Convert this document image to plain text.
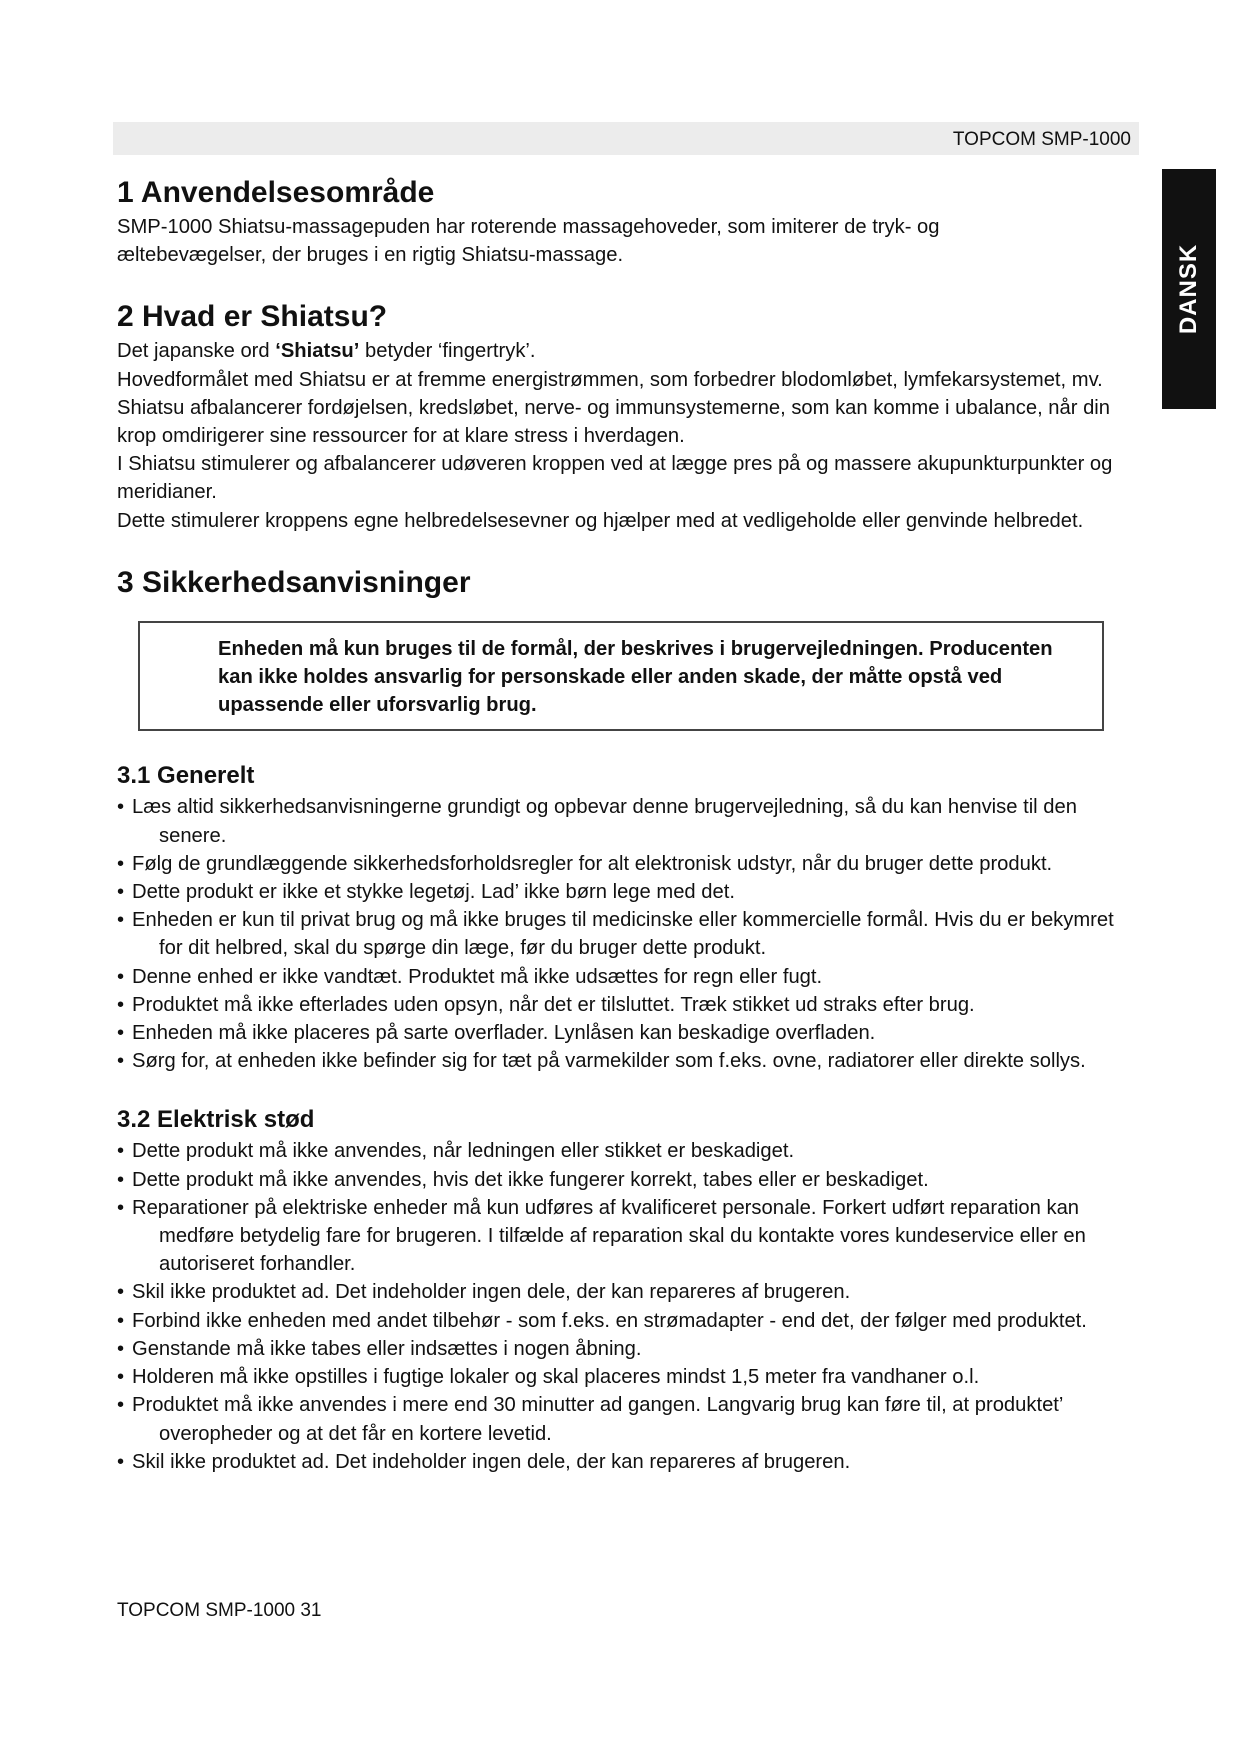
TOPCOM SMP-1000
DANSK
1 Anvendelsesområde

SMP-1000 Shiatsu-massagepuden har roterende massagehoveder, som imiterer de tryk- og
æltebevægelser, der bruges i en rigtig Shiatsu-massage.

2 Hvad er Shiatsu?

Det japanske ord ‘Shiatsu’ betyder ‘fingertryk’.

Hovedformålet med Shiatsu er at fremme energistrømmen, som forbedrer blodomløbet, lymfekarsystemet, mv. Shiatsu afbalancerer fordøjelsen, kredsløbet, nerve- og immunsystemerne, som kan komme i ubalance, når din krop omdirigerer sine ressourcer for at klare stress i hverdagen.

I Shiatsu stimulerer og afbalancerer udøveren kroppen ved at lægge pres på og massere akupunkturpunkter og meridianer.

Dette stimulerer kroppens egne helbredelsesevner og hjælper med at vedligeholde eller genvinde helbredet.

3 Sikkerhedsanvisninger
Enheden må kun bruges til de formål, der beskrives i brugervejledningen. Producenten kan ikke holdes ansvarlig for personskade eller anden skade, der måtte opstå ved upassende eller uforsvarlig brug.
3.1 Generelt
• Læs altid sikkerhedsanvisningerne grundigt og opbevar denne brugervejledning, så du kan henvise til den senere.
• Følg de grundlæggende sikkerhedsforholdsregler for alt elektronisk udstyr, når du bruger dette produkt.
• Dette produkt er ikke et stykke legetøj. Lad’ ikke børn lege med det.
• Enheden er kun til privat brug og må ikke bruges til medicinske eller kommercielle formål. Hvis du er bekymret for dit helbred, skal du spørge din læge, før du bruger dette produkt.
• Denne enhed er ikke vandtæt. Produktet må ikke udsættes for regn eller fugt.
• Produktet må ikke efterlades uden opsyn, når det er tilsluttet. Træk stikket ud straks efter brug.
• Enheden må ikke placeres på sarte overflader. Lynlåsen kan beskadige overfladen.
• Sørg for, at enheden ikke befinder sig for tæt på varmekilder som f.eks. ovne, radiatorer eller direkte sollys.
3.2 Elektrisk stød
• Dette produkt må ikke anvendes, når ledningen eller stikket er beskadiget.
• Dette produkt må ikke anvendes, hvis det ikke fungerer korrekt, tabes eller er beskadiget.
• Reparationer på elektriske enheder må kun udføres af kvalificeret personale. Forkert udført reparation kan medføre betydelig fare for brugeren. I tilfælde af reparation skal du kontakte vores kundeservice eller en autoriseret forhandler.
• Skil ikke produktet ad. Det indeholder ingen dele, der kan repareres af brugeren.
• Forbind ikke enheden med andet tilbehør - som f.eks. en strømadapter - end det, der følger med produktet.
• Genstande må ikke tabes eller indsættes i nogen åbning.
• Holderen må ikke opstilles i fugtige lokaler og skal placeres mindst 1,5 meter fra vandhaner o.l.
• Produktet må ikke anvendes i mere end 30 minutter ad gangen. Langvarig brug kan føre til, at produktet’ overopheder og at det får en kortere levetid.
• Skil ikke produktet ad. Det indeholder ingen dele, der kan repareres af brugeren.
TOPCOM SMP-1000 31
